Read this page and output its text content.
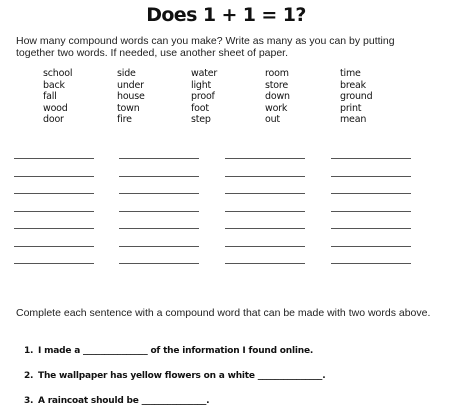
Does 1 + 1 = 1?
How many compound words can you make? Write as many as you can by putting together two words. If needed, use another sheet of paper.
school
back
fall
wood
door
side
under
house
town
fire
water
light
proof
foot
step
room
store
down
work
out
time
break
ground
print
mean
Complete each sentence with a compound word that can be made with two words above.
1. I made a _______________ of the information I found online.
2. The wallpaper has yellow flowers on a white _______________.
3. A raincoat should be _______________.
